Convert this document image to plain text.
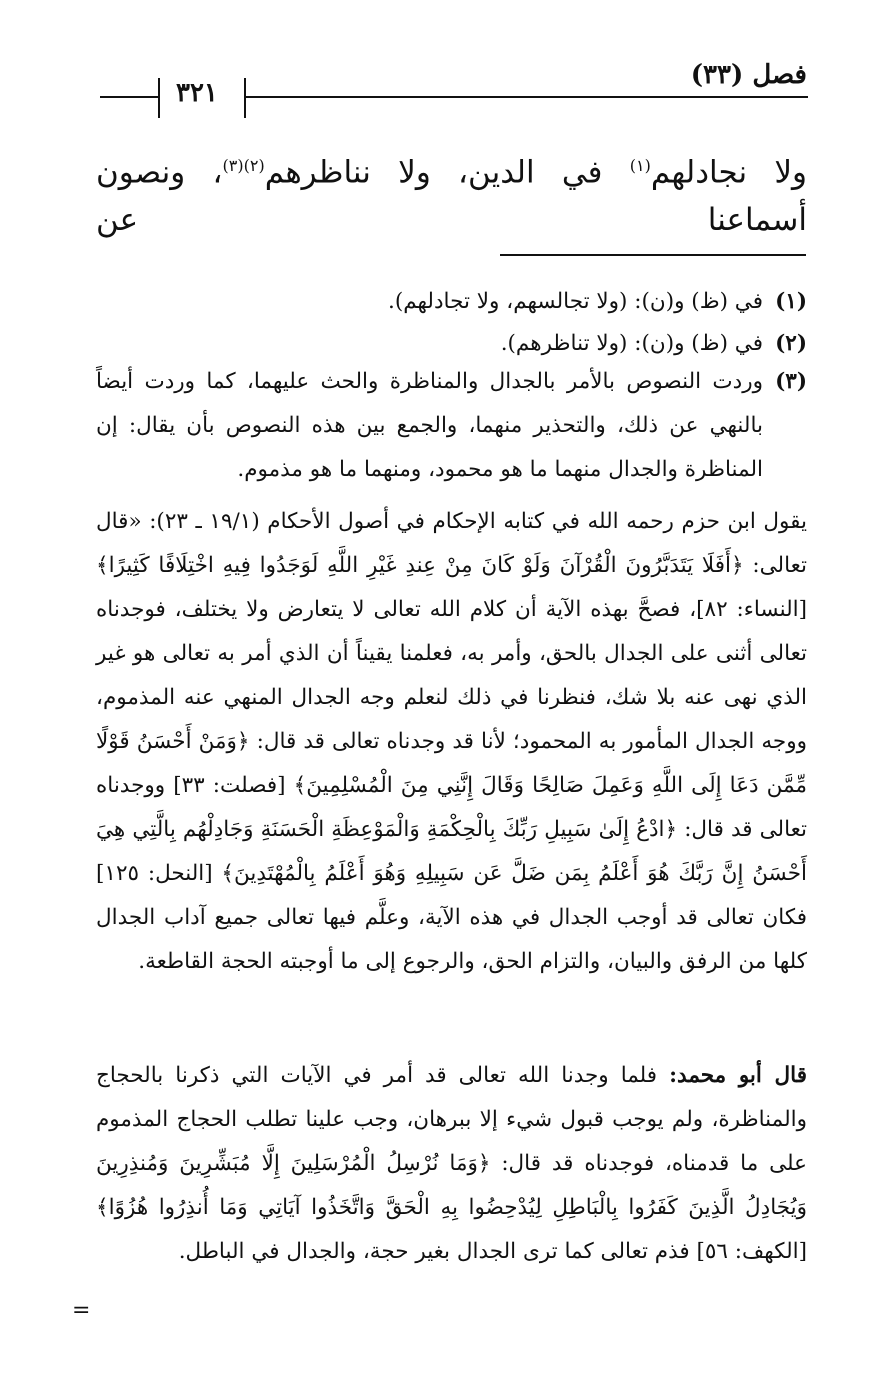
فصل (٣٣)
٣٢١
ولا نجادلهم$^{(١)}$ في الدين، ولا نناظرهم$^{(٢)(٣)}$، ونصون أسماعنا عن
(١)في (ظ) و(ن): (ولا تجالسهم، ولا تجادلهم).
(٢)في (ظ) و(ن): (ولا تناظرهم).
(٣)
وردت النصوص بالأمر بالجدال والمناظرة والحث عليهما، كما وردت أيضاً بالنهي عن ذلك، والتحذير منهما، والجمع بين هذه النصوص بأن يقال: إن المناظرة والجدال منهما ما هو محمود، ومنهما ما هو مذموم.
يقول ابن حزم رحمه الله في كتابه الإحكام في أصول الأحكام (١٩/١ ـ ٢٣): «قال تعالى: ﴿أَفَلَا يَتَدَبَّرُونَ الْقُرْآنَ وَلَوْ كَانَ مِنْ عِندِ غَيْرِ اللَّهِ لَوَجَدُوا فِيهِ اخْتِلَافًا كَثِيرًا﴾ [النساء: ٨٢]، فصحَّ بهذه الآية أن كلام الله تعالى لا يتعارض ولا يختلف، فوجدناه تعالى أثنى على الجدال بالحق، وأمر به، فعلمنا يقيناً أن الذي أمر به تعالى هو غير الذي نهى عنه بلا شك، فنظرنا في ذلك لنعلم وجه الجدال المنهي عنه المذموم، ووجه الجدال المأمور به المحمود؛ لأنا قد وجدناه تعالى قد قال: ﴿وَمَنْ أَحْسَنُ قَوْلًا مِّمَّن دَعَا إِلَى اللَّهِ وَعَمِلَ صَالِحًا وَقَالَ إِنَّنِي مِنَ الْمُسْلِمِينَ﴾ [فصلت: ٣٣] ووجدناه تعالى قد قال: ﴿ادْعُ إِلَىٰ سَبِيلِ رَبِّكَ بِالْحِكْمَةِ وَالْمَوْعِظَةِ الْحَسَنَةِ وَجَادِلْهُم بِالَّتِي هِيَ أَحْسَنُ إِنَّ رَبَّكَ هُوَ أَعْلَمُ بِمَن ضَلَّ عَن سَبِيلِهِ وَهُوَ أَعْلَمُ بِالْمُهْتَدِينَ﴾ [النحل: ١٢٥] فكان تعالى قد أوجب الجدال في هذه الآية، وعلَّم فيها تعالى جميع آداب الجدال كلها من الرفق والبيان، والتزام الحق، والرجوع إلى ما أوجبته الحجة القاطعة.
قال أبو محمد: فلما وجدنا الله تعالى قد أمر في الآيات التي ذكرنا بالحجاج والمناظرة، ولم يوجب قبول شيء إلا ببرهان، وجب علينا تطلب الحجاج المذموم على ما قدمناه، فوجدناه قد قال: ﴿وَمَا نُرْسِلُ الْمُرْسَلِينَ إِلَّا مُبَشِّرِينَ وَمُنذِرِينَ وَيُجَادِلُ الَّذِينَ كَفَرُوا بِالْبَاطِلِ لِيُدْحِضُوا بِهِ الْحَقَّ وَاتَّخَذُوا آيَاتِي وَمَا أُنذِرُوا هُزُوًا﴾ [الكهف: ٥٦] فذم تعالى كما ترى الجدال بغير حجة، والجدال في الباطل.
=
